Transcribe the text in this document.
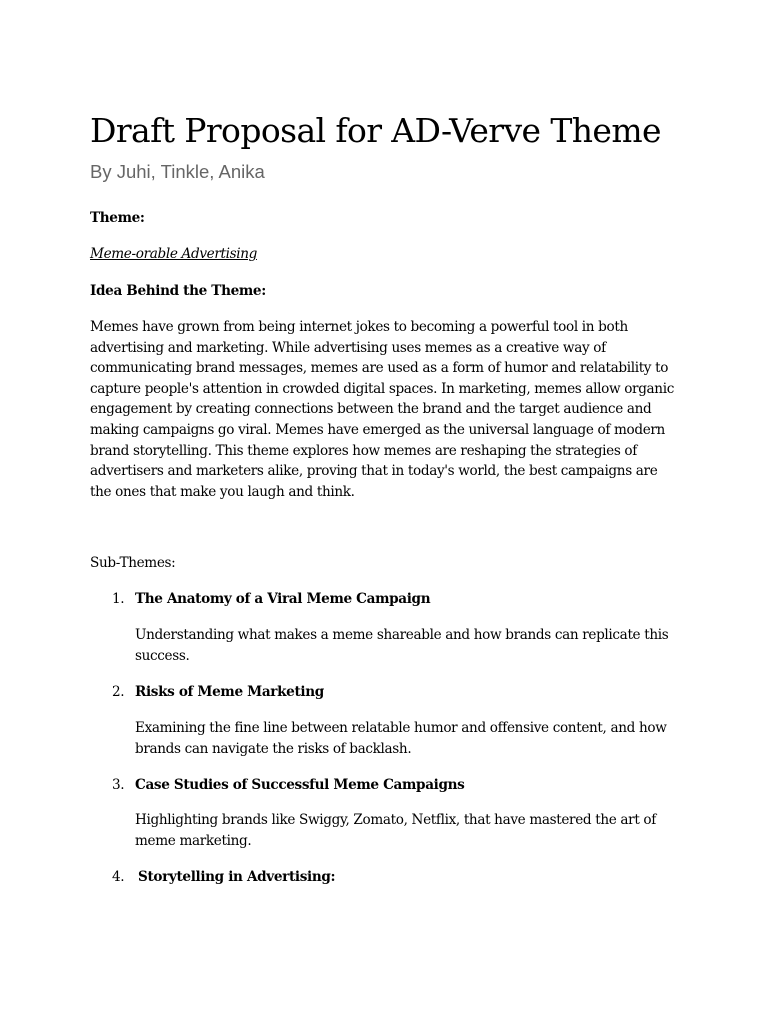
Draft Proposal for AD-Verve Theme

By Juhi, Tinkle, Anika

Theme:

Meme-orable Advertising

Idea Behind the Theme:

Memes have grown from being internet jokes to becoming a powerful tool in both advertising and marketing. While advertising uses memes as a creative way of communicating brand messages, memes are used as a form of humor and relatability to capture people's attention in crowded digital spaces. In marketing, memes allow organic engagement by creating connections between the brand and the target audience and making campaigns go viral. Memes have emerged as the universal language of modern brand storytelling. This theme explores how memes are reshaping the strategies of advertisers and marketers alike, proving that in today's world, the best campaigns are the ones that make you laugh and think.

Sub-Themes:

1. The Anatomy of a Viral Meme Campaign

Understanding what makes a meme shareable and how brands can replicate this success.

2. Risks of Meme Marketing

Examining the fine line between relatable humor and offensive content, and how brands can navigate the risks of backlash.

3. Case Studies of Successful Meme Campaigns

Highlighting brands like Swiggy, Zomato, Netflix, that have mastered the art of meme marketing.

4. Storytelling in Advertising:
